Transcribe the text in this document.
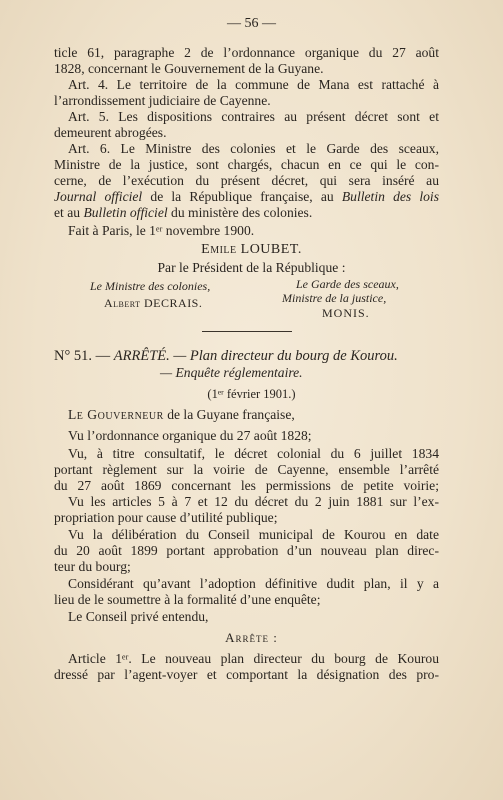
— 56 —
ticle 61, paragraphe 2 de l’ordonnance organique du 27 août
1828, concernant le Gouvernement de la Guyane.
Art. 4. Le territoire de la commune de Mana est rattaché à
l’arrondissement judiciaire de Cayenne.
Art. 5. Les dispositions contraires au présent décret sont et
demeurent abrogées.
Art. 6. Le Ministre des colonies et le Garde des sceaux,
Ministre de la justice, sont chargés, chacun en ce qui le con-
cerne, de l’exécution du présent décret, qui sera inséré au
Journal officiel de la République française, au Bulletin des lois
et au Bulletin officiel du ministère des colonies.
Fait à Paris, le 1ᵉʳ novembre 1900.
Emile LOUBET.
Par le Président de la République :
Le Ministre des colonies,
Albert DECRAIS.
Le Garde des sceaux,
Ministre de la justice,
MONIS.
N° 51. — ARRÊTÉ. — Plan directeur du bourg de Kourou.
— Enquête réglementaire.
(1ᵉʳ février 1901.)
Le Gouverneur de la Guyane française,
Vu l’ordonnance organique du 27 août 1828;
Vu, à titre consultatif, le décret colonial du 6 juillet 1834
portant règlement sur la voirie de Cayenne, ensemble l’arrêté
du 27 août 1869 concernant les permissions de petite voirie;
Vu les articles 5 à 7 et 12 du décret du 2 juin 1881 sur l’ex-
propriation pour cause d’utilité publique;
Vu la délibération du Conseil municipal de Kourou en date
du 20 août 1899 portant approbation d’un nouveau plan direc-
teur du bourg;
Considérant qu’avant l’adoption définitive dudit plan, il y a
lieu de le soumettre à la formalité d’une enquête;
Le Conseil privé entendu,
Arrête :
Article 1ᵉʳ. Le nouveau plan directeur du bourg de Kourou
dressé par l’agent-voyer et comportant la désignation des pro-
